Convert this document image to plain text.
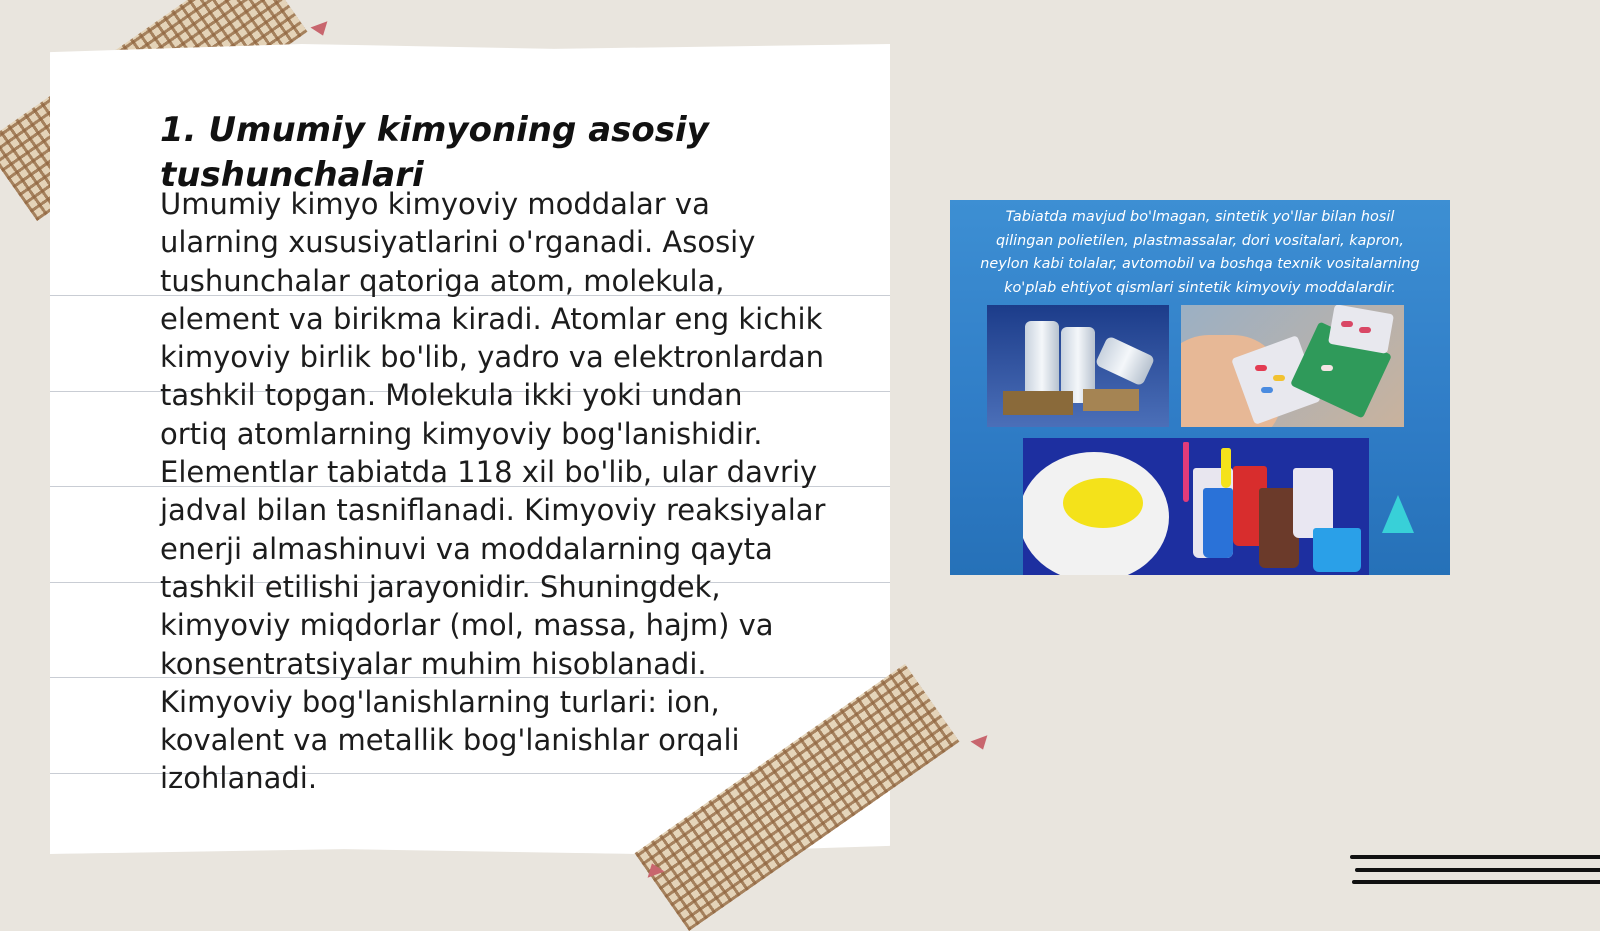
1. Umumiy kimyoning asosiy
tushunchalari
Umumiy kimyo kimyoviy moddalar va
ularning xususiyatlarini o'rganadi. Asosiy
tushunchalar qatoriga atom, molekula,
element va birikma kiradi. Atomlar eng kichik
kimyoviy birlik bo'lib, yadro va elektronlardan
tashkil topgan. Molekula ikki yoki undan
ortiq atomlarning kimyoviy bog'lanishidir.
Elementlar tabiatda 118 xil bo'lib, ular davriy
jadval bilan tasniflanadi. Kimyoviy reaksiyalar
enerji almashinuvi va moddalarning qayta
tashkil etilishi jarayonidir. Shuningdek,
kimyoviy miqdorlar (mol, massa, hajm) va
konsentratsiyalar muhim hisoblanadi.
Kimyoviy bog'lanishlarning turlari: ion,
kovalent va metallik bog'lanishlar orqali
izohlanadi.

Tabiatda mavjud bo'lmagan, sintetik yo'llar bilan hosil
qilingan polietilen, plastmassalar, dori vositalari, kapron,
neylon kabi tolalar, avtomobil va boshqa texnik vositalarning
ko'plab ehtiyot qismlari sintetik kimyoviy moddalardir.
